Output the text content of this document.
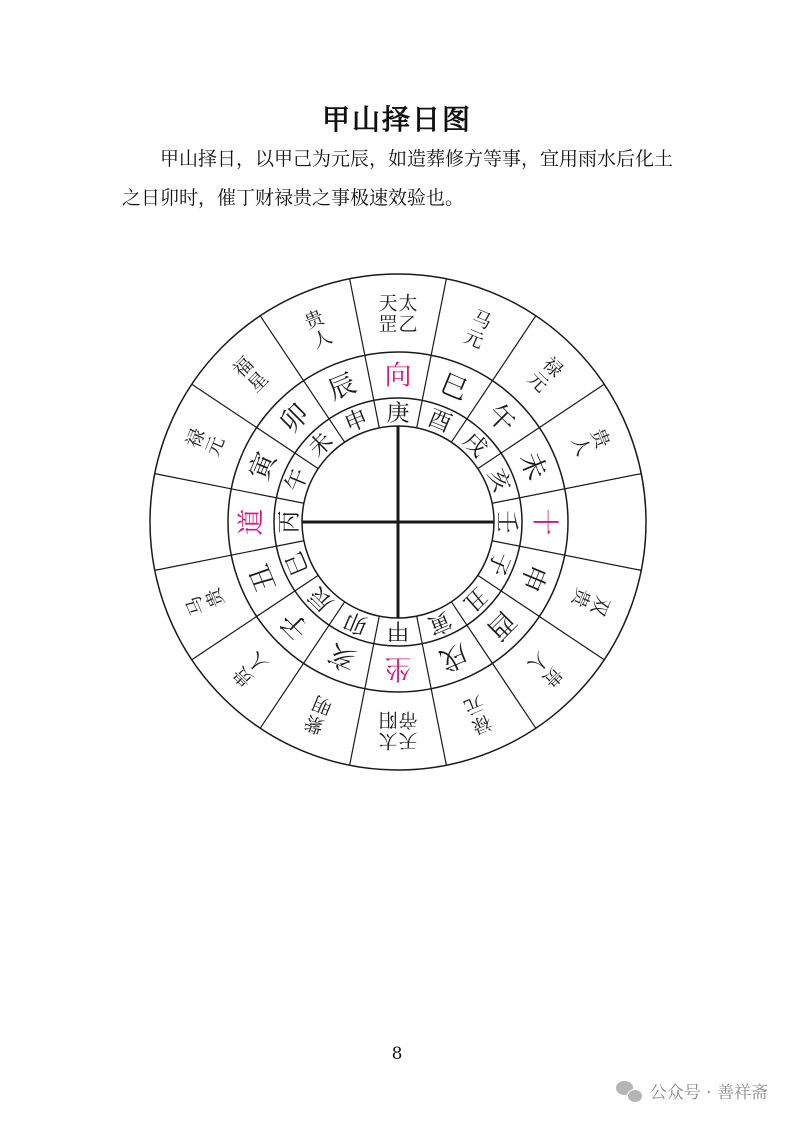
甲山择日图
甲山择日，以甲己为元辰，如造葬修方等事，宜用雨水后化土之日卯时，催丁财禄贵之事极速效验也。
太乙
天罡	马元
禄元
贵人
双贵
贵人
禄元
太阳
天帝
紫明
贵人
马贵
禄元
福星
贵人
向 巳
午
未
十
申
酉
戌
坐
亥
子
丑
道
寅
卯
辰
庚 酉
戌
亥
壬
子
丑
寅
甲
卯
辰
巳
丙
午
未
申
8
公众号 · 善祥斋
